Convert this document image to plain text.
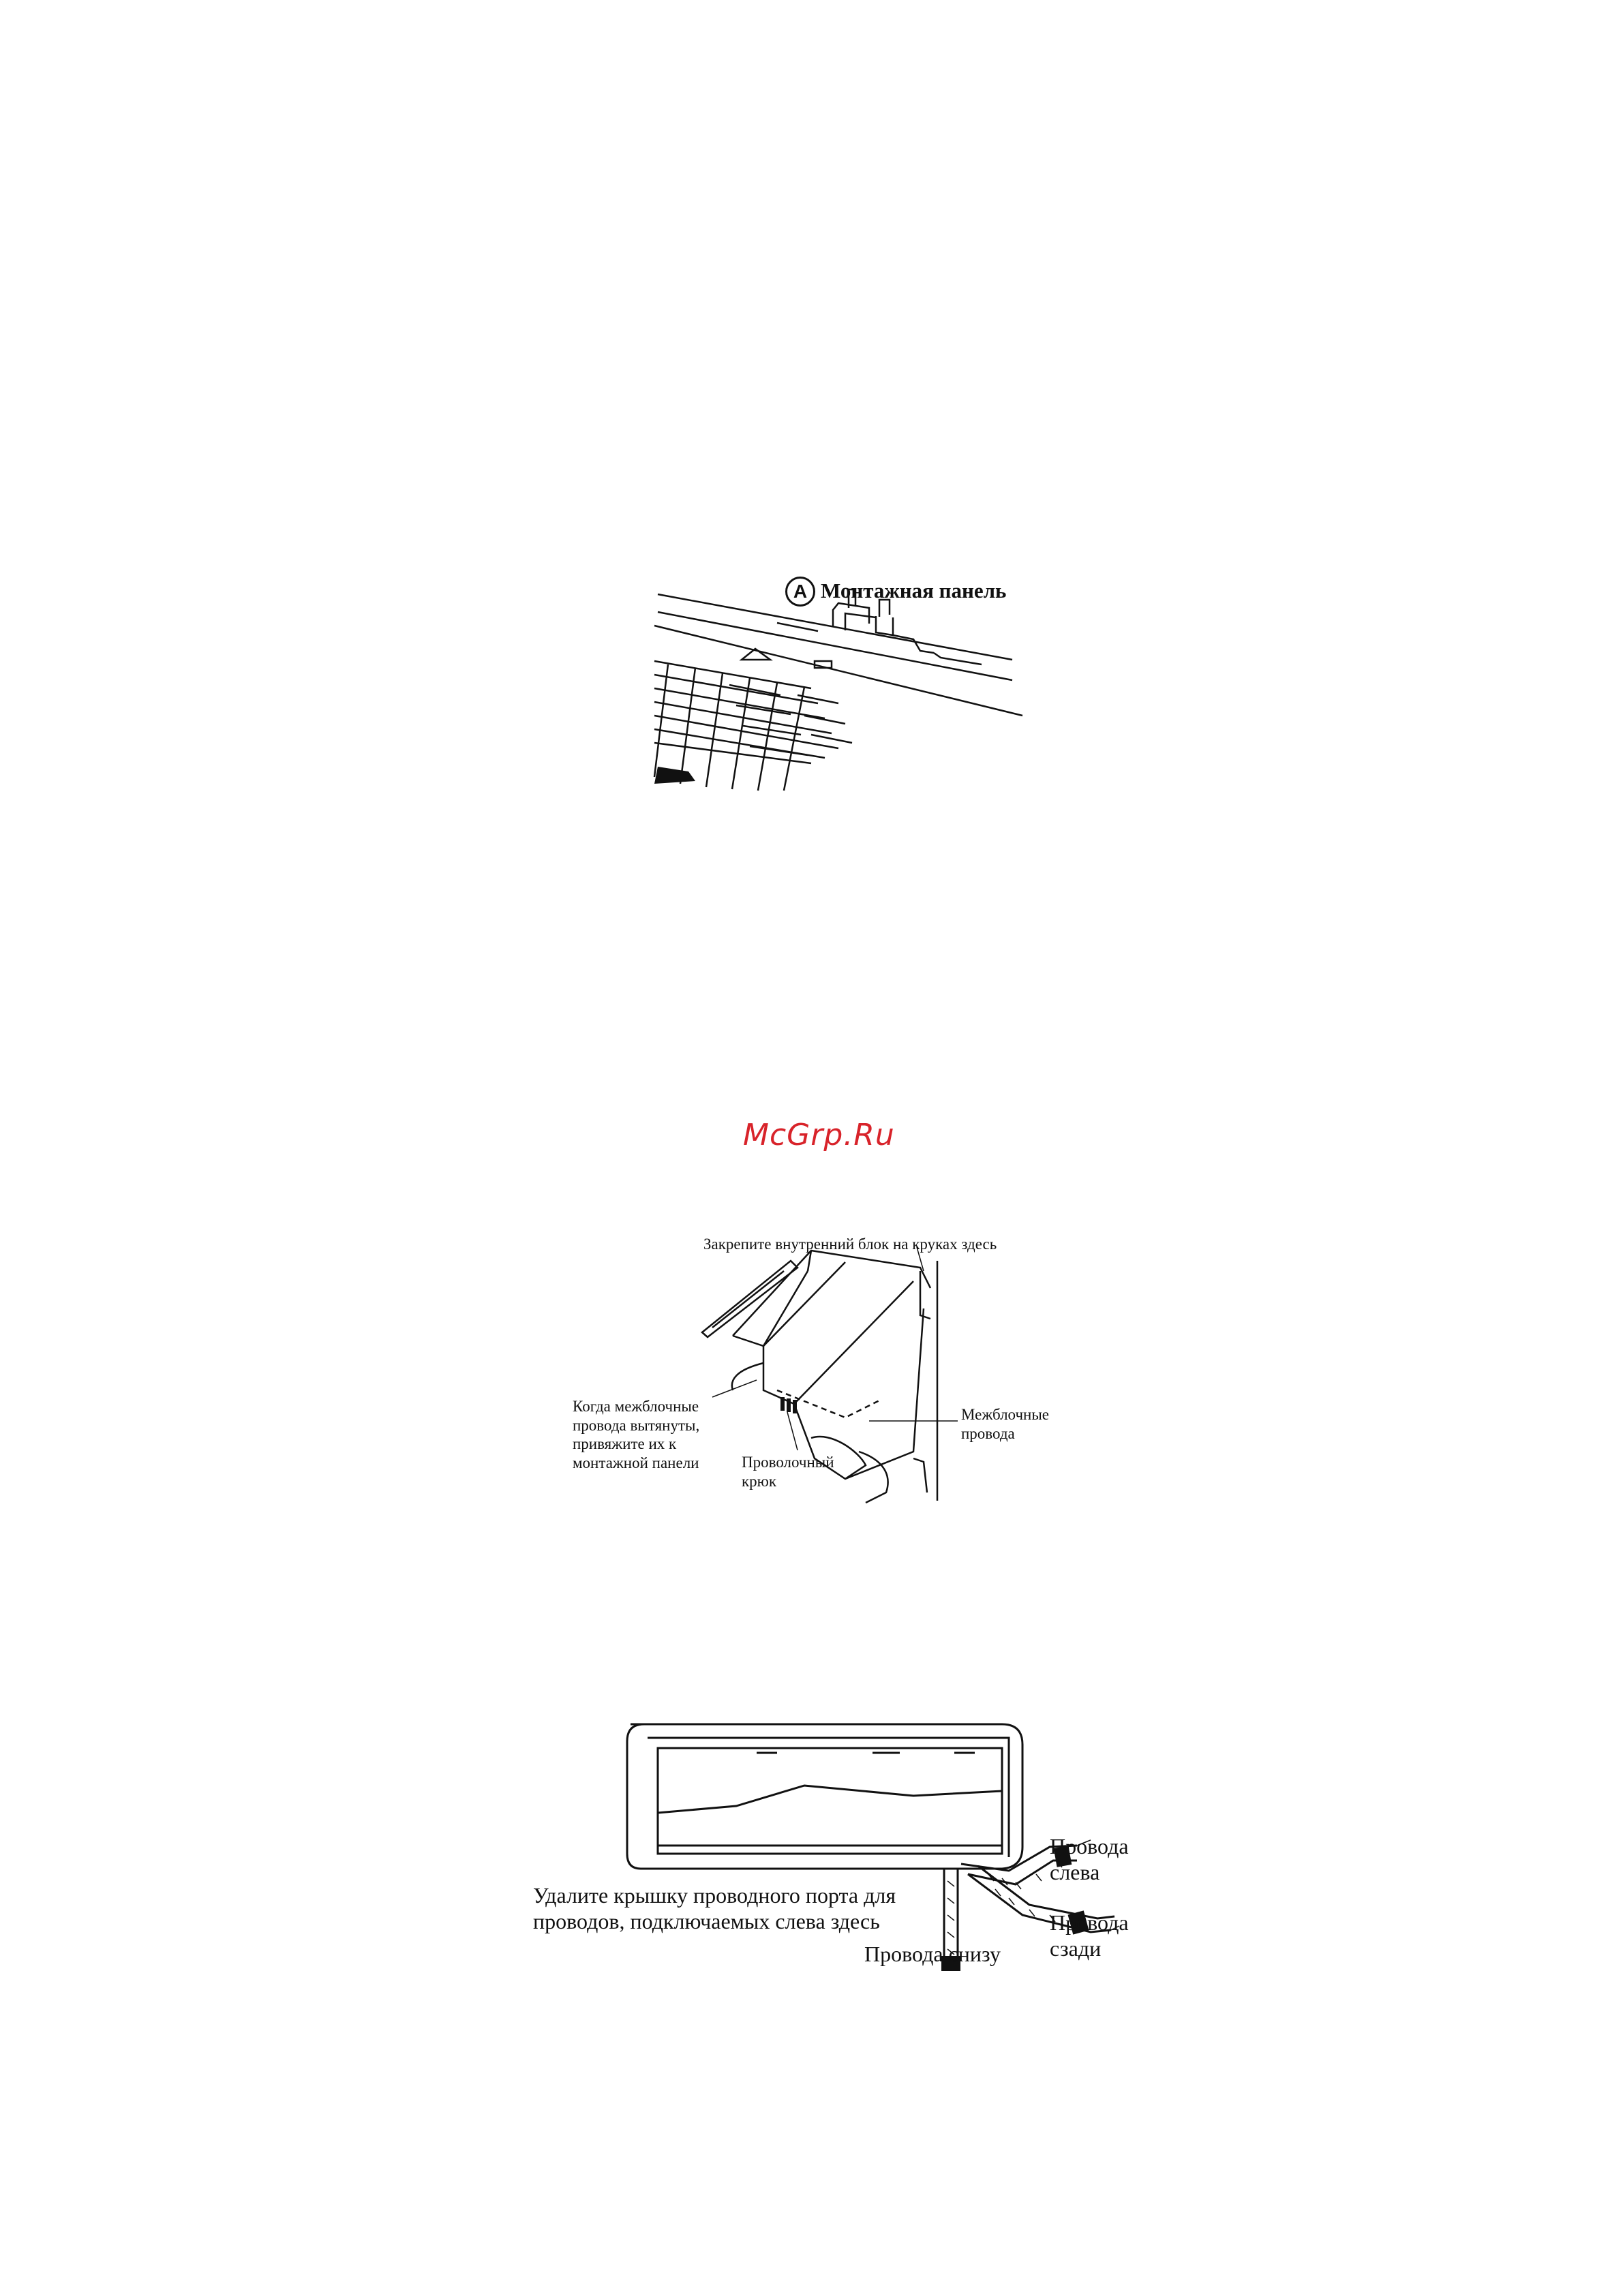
A Монтажная панель
McGrp.Ru
Закрепите внутренний блок на круках здесь
Когда межблочные
провода вытянуты,
привяжите их к
монтажной панели	Проволочный
крюк
Межблочные
провода
Провода
слева
Провода
сзади
Удалите крышку проводного порта для
проводов, подключаемых слева здесь
Провода снизу
